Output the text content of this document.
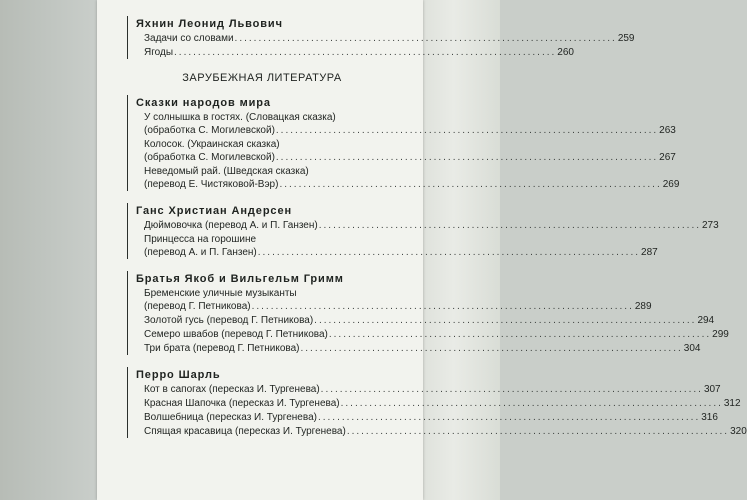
Яхнин Леонид Львович
Задачи со словами ................................................................................ 259
Ягоды ................................................................................ 260
ЗАРУБЕЖНАЯ ЛИТЕРАТУРА
Сказки народов мира
У солнышка в гостях. (Словацкая сказка)
(обработка С. Могилевской) ................................................................................ 263
Колосок. (Украинская сказка)
(обработка С. Могилевской) ................................................................................ 267
Неведомый рай. (Шведская сказка)
(перевод Е. Чистяковой-Вэр) ................................................................................ 269
Ганс Христиан Андерсен
Дюймовочка (перевод А. и П. Ганзен) ................................................................................ 273
Принцесса на горошине
(перевод А. и П. Ганзен) ................................................................................ 287
Братья Якоб и Вильгельм Гримм
Бременские уличные музыканты
(перевод Г. Петникова) ................................................................................ 289
Золотой гусь (перевод Г. Петникова) ................................................................................ 294
Семеро швабов (перевод Г. Петникова) ................................................................................ 299
Три брата (перевод Г. Петникова) ................................................................................ 304
Перро Шарль
Кот в сапогах (пересказ И. Тургенева) ................................................................................ 307
Красная Шапочка (пересказ И. Тургенева) ................................................................................ 312
Волшебница (пересказ И. Тургенева) ................................................................................ 316
Спящая красавица (пересказ И. Тургенева) ................................................................................ 320
